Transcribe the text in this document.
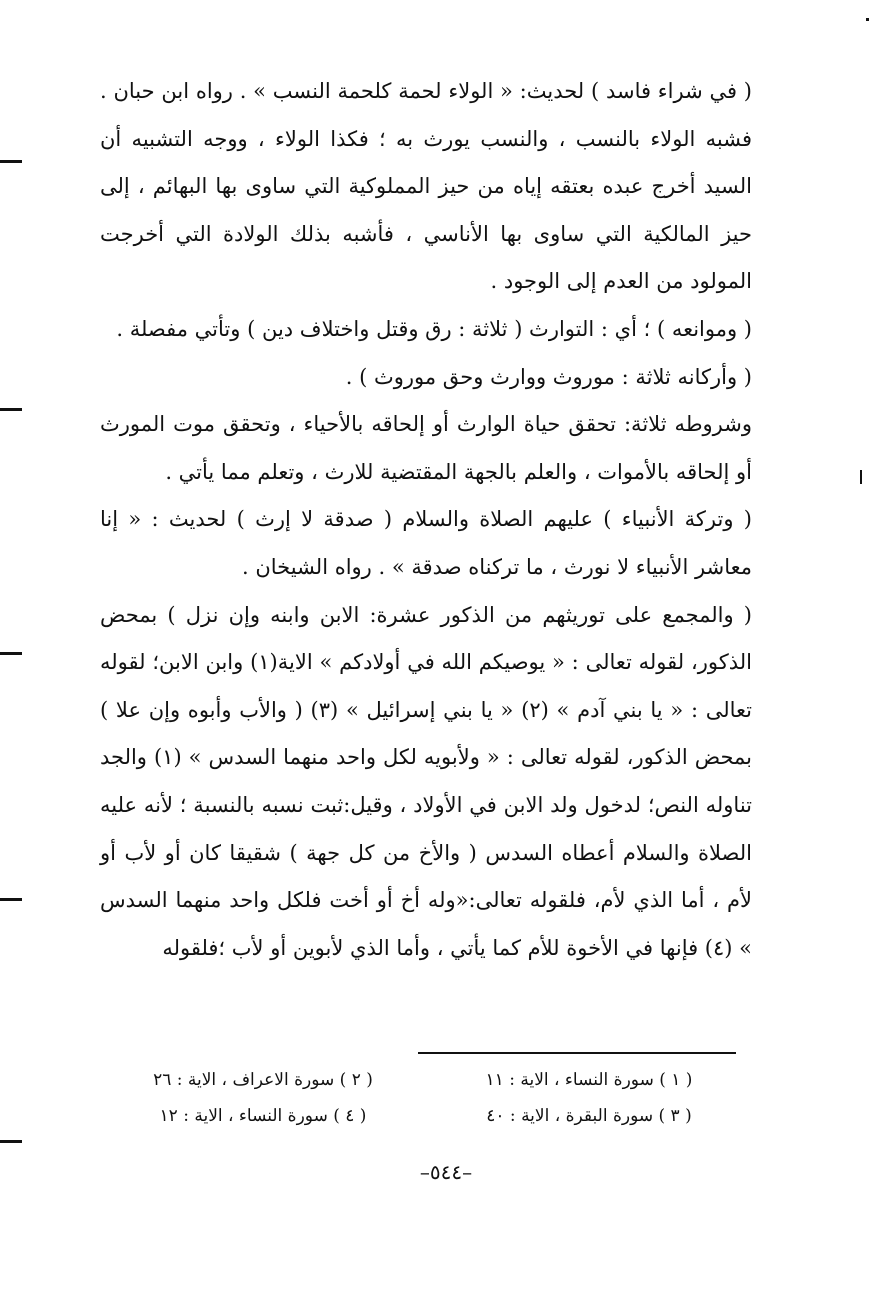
( في شراء فاسد ) لحديث: « الولاء لحمة كلحمة النسب » . رواه ابن حبان . فشبه الولاء بالنسب ، والنسب يورث به ؛ فكذا الولاء ، ووجه التشبيه أن السيد أخرج عبده بعتقه إياه من حيز المملوكية التي ساوى بها البهائم ، إلى حيز المالكية التي ساوى بها الأناسي ، فأشبه بذلك الولادة التي أخرجت المولود من العدم إلى الوجود .

( وموانعه ) ؛ أي : التوارث ( ثلاثة : رق وقتل واختلاف دين ) وتأتي مفصلة .

( وأركانه ثلاثة : موروث ووارث وحق موروث ) .

وشروطه ثلاثة: تحقق حياة الوارث أو إلحاقه بالأحياء ، وتحقق موت المورث أو إلحاقه بالأموات ، والعلم بالجهة المقتضية للارث ، وتعلم مما يأتي .

( وتركة الأنبياء ) عليهم الصلاة والسلام ( صدقة لا إرث ) لحديث : « إنا معاشر الأنبياء لا نورث ، ما تركناه صدقة » . رواه الشيخان .

( والمجمع على توريثهم من الذكور عشرة: الابن وابنه وإن نزل ) بمحض الذكور، لقوله تعالى : « يوصيكم الله في أولادكم » الاية(١) وابن الابن؛ لقوله تعالى : « يا بني آدم » (٢) « يا بني إسرائيل » (٣) ( والأب وأبوه وإن علا ) بمحض الذكور، لقوله تعالى : « ولأبويه لكل واحد منهما السدس » (١) والجد تناوله النص؛ لدخول ولد الابن في الأولاد ، وقيل:ثبت نسبه بالنسبة ؛ لأنه عليه الصلاة والسلام أعطاه السدس ( والأخ من كل جهة ) شقيقا كان أو لأب أو لأم ، أما الذي لأم، فلقوله تعالى:«وله أخ أو أخت فلكل واحد منهما السدس » (٤) فإنها في الأخوة للأم كما يأتي ، وأما الذي لأبوين أو لأب ؛فلقوله

( ١ ) سورة النساء ، الاية : ١١
( ٢ ) سورة الاعراف ، الاية : ٢٦
( ٣ ) سورة البقرة ، الاية : ٤٠
( ٤ ) سورة النساء ، الاية : ١٢
–٥٤٤–
